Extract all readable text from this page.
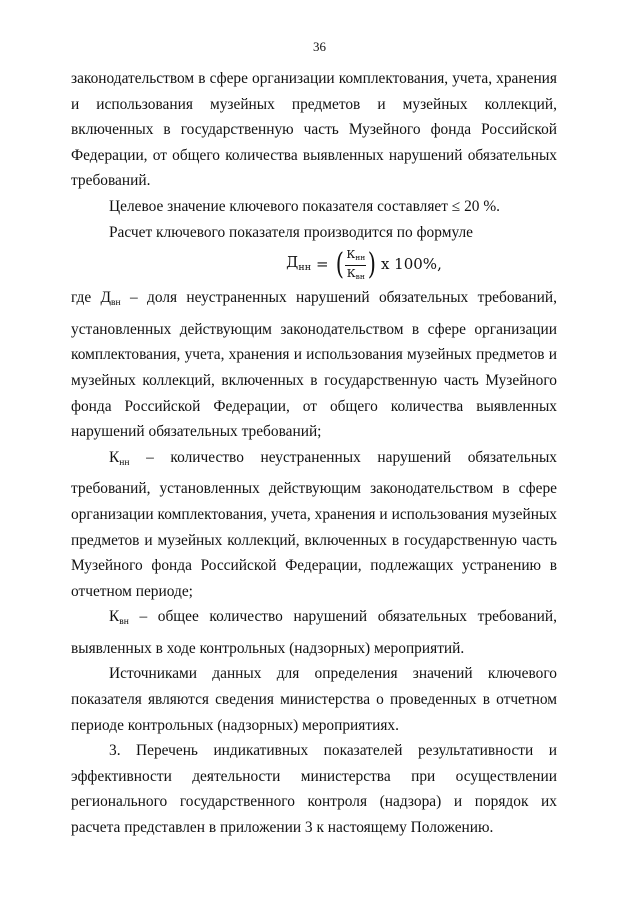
36

законодательством в сфере организации комплектования, учета, хранения и использования музейных предметов и музейных коллекций, включенных в государственную часть Музейного фонда Российской Федерации, от общего количества выявленных нарушений обязательных требований.

Целевое значение ключевого показателя составляет ≤ 20 %.

Расчет ключевого показателя производится по формуле

$Д_{нн}$ = ( $\frac{К_{нн}}{К_{вн}}$ ) x 100%,

где Двн – доля неустраненных нарушений обязательных требований, установленных действующим законодательством в сфере организации комплектования, учета, хранения и использования музейных предметов и музейных коллекций, включенных в государственную часть Музейного фонда Российской Федерации, от общего количества выявленных нарушений обязательных требований;

Кнн – количество неустраненных нарушений обязательных требований, установленных действующим законодательством в сфере организации комплектования, учета, хранения и использования музейных предметов и музейных коллекций, включенных в государственную часть Музейного фонда Российской Федерации, подлежащих устранению в отчетном периоде;

Квн – общее количество нарушений обязательных требований, выявленных в ходе контрольных (надзорных) мероприятий.

Источниками данных для определения значений ключевого показателя являются сведения министерства о проведенных в отчетном периоде контрольных (надзорных) мероприятиях.

3. Перечень индикативных показателей результативности и эффективности деятельности министерства при осуществлении регионального государственного контроля (надзора) и порядок их расчета представлен в приложении 3 к настоящему Положению.
